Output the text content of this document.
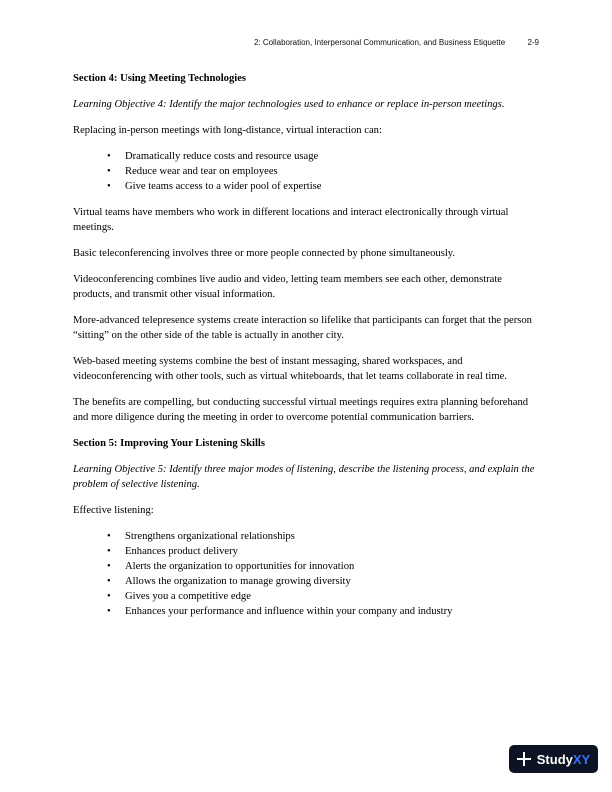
2: Collaboration, Interpersonal Communication, and Business Etiquette	2-9
Section 4: Using Meeting Technologies

Learning Objective 4: Identify the major technologies used to enhance or replace in-person meetings.

Replacing in-person meetings with long-distance, virtual interaction can:

• Dramatically reduce costs and resource usage
• Reduce wear and tear on employees
• Give teams access to a wider pool of expertise

Virtual teams have members who work in different locations and interact electronically through virtual meetings.

Basic teleconferencing involves three or more people connected by phone simultaneously.

Videoconferencing combines live audio and video, letting team members see each other, demonstrate products, and transmit other visual information.

More-advanced telepresence systems create interaction so lifelike that participants can forget that the person “sitting” on the other side of the table is actually in another city.

Web-based meeting systems combine the best of instant messaging, shared workspaces, and videoconferencing with other tools, such as virtual whiteboards, that let teams collaborate in real time.

The benefits are compelling, but conducting successful virtual meetings requires extra planning beforehand and more diligence during the meeting in order to overcome potential communication barriers.

Section 5: Improving Your Listening Skills

Learning Objective 5: Identify three major modes of listening, describe the listening process, and explain the problem of selective listening.

Effective listening:

• Strengthens organizational relationships
• Enhances product delivery
• Alerts the organization to opportunities for innovation
• Allows the organization to manage growing diversity
• Gives you a competitive edge
• Enhances your performance and influence within your company and industry
Study XY
